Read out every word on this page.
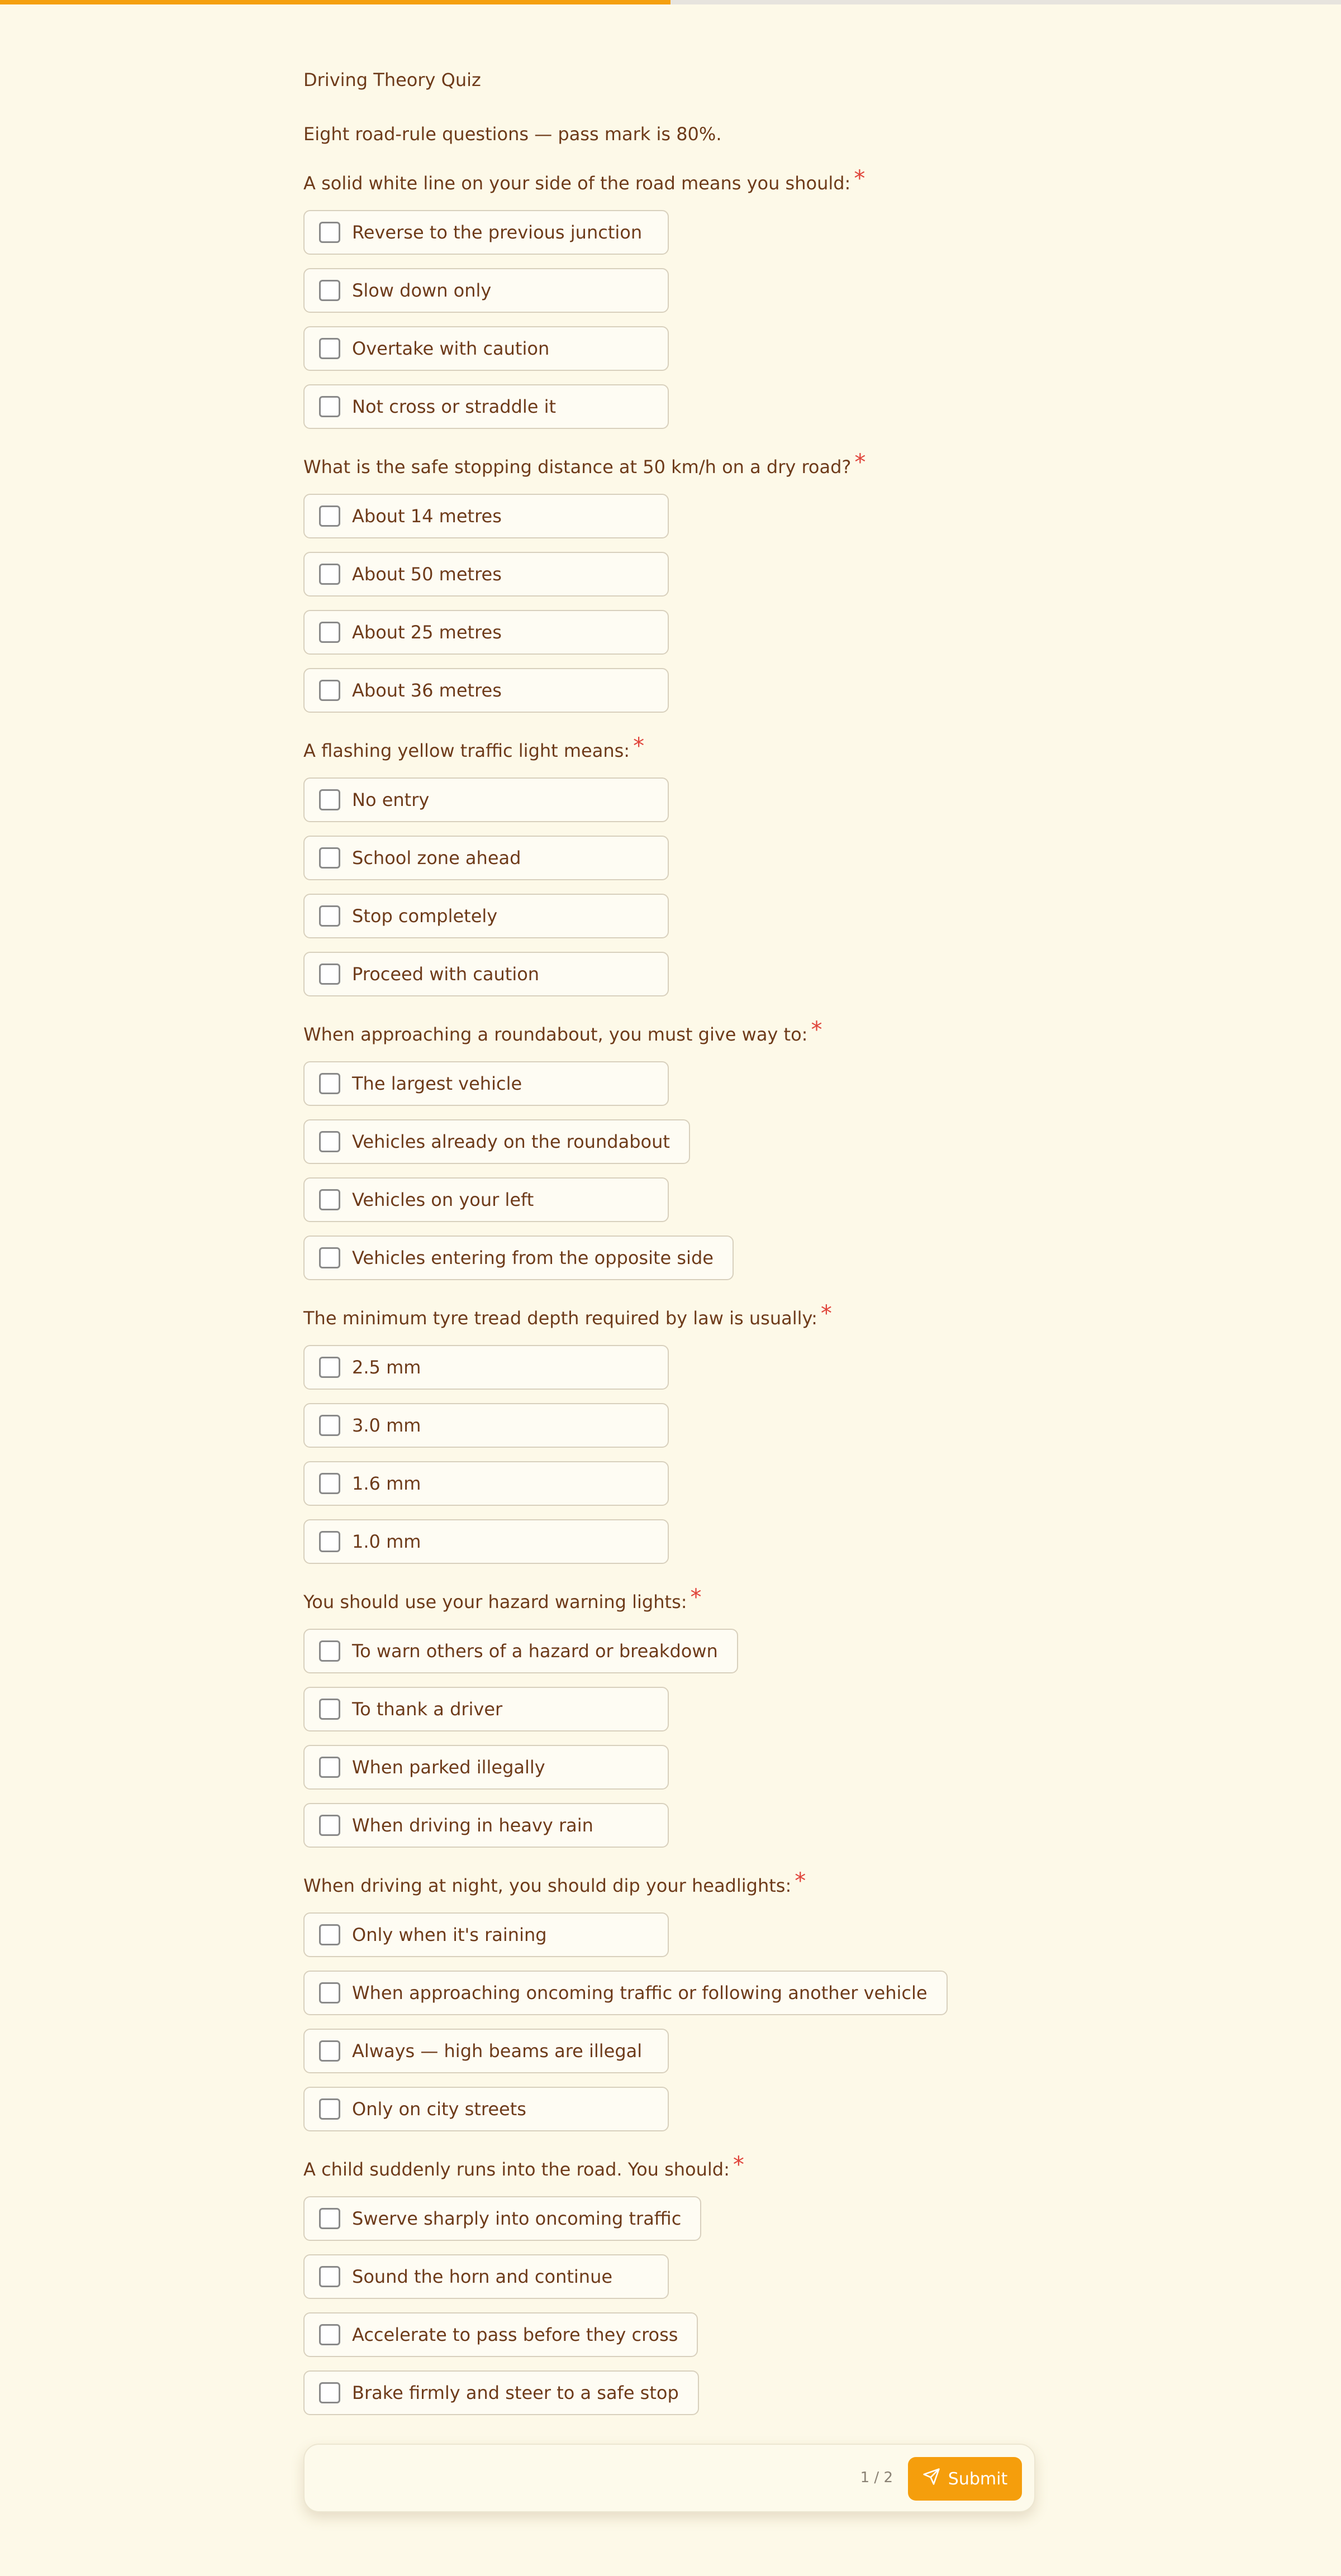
Driving Theory Quiz

Eight road-rule questions — pass mark is 80%.

A solid white line on your side of the road means you should: *
Reverse to the previous junction
Slow down only
Overtake with caution
Not cross or straddle it
What is the safe stopping distance at 50 km/h on a dry road? *
About 14 metres
About 50 metres
About 25 metres
About 36 metres
A flashing yellow traffic light means: *
No entry
School zone ahead
Stop completely
Proceed with caution
When approaching a roundabout, you must give way to: *
The largest vehicle
Vehicles already on the roundabout
Vehicles on your left
Vehicles entering from the opposite side
The minimum tyre tread depth required by law is usually: *
2.5 mm
3.0 mm
1.6 mm
1.0 mm
You should use your hazard warning lights: *
To warn others of a hazard or breakdown
To thank a driver
When parked illegally
When driving in heavy rain
When driving at night, you should dip your headlights: *
Only when it's raining
When approaching oncoming traffic or following another vehicle
Always — high beams are illegal
Only on city streets
A child suddenly runs into the road. You should: *
Swerve sharply into oncoming traffic
Sound the horn and continue
Accelerate to pass before they cross
Brake firmly and steer to a safe stop
1 / 2	Submit
